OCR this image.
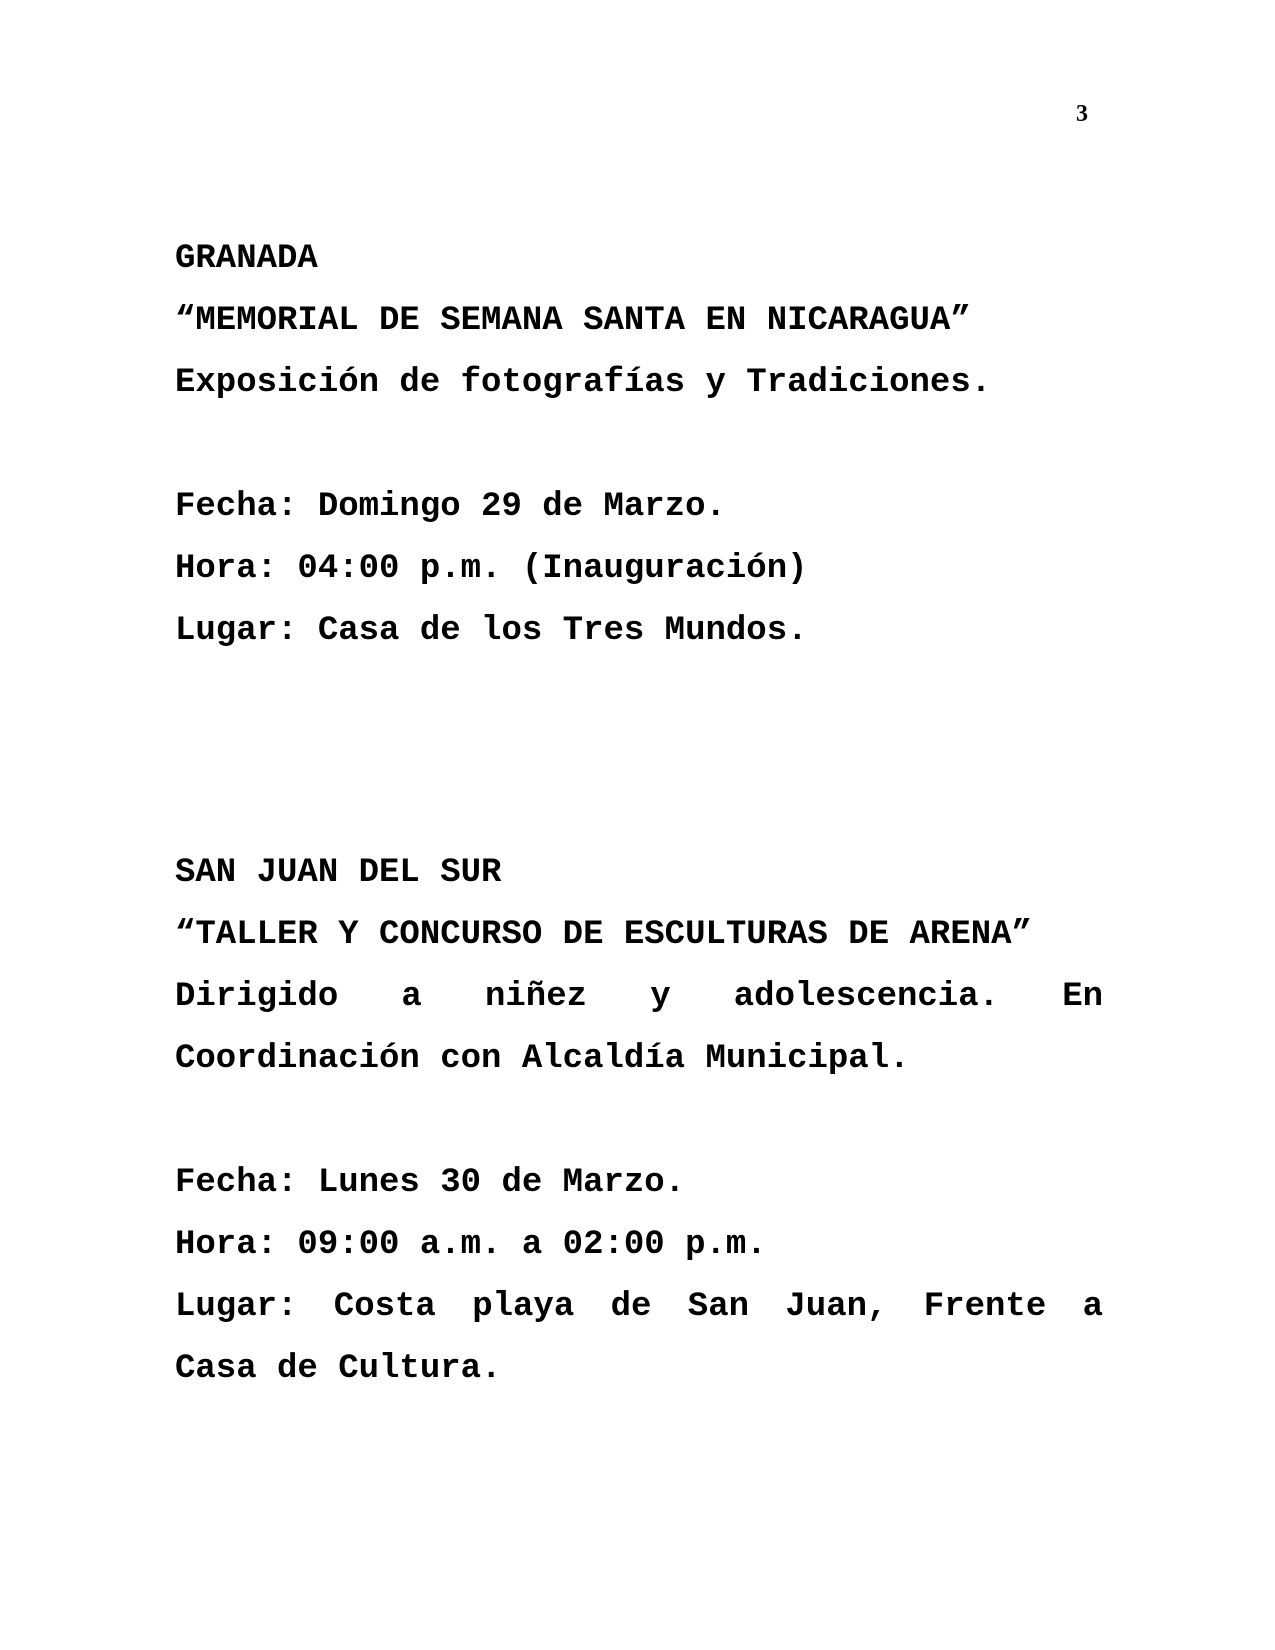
3
GRANADA
“MEMORIAL DE SEMANA SANTA EN NICARAGUA”
Exposición de fotografías y Tradiciones.
Fecha: Domingo 29 de Marzo.
Hora: 04:00 p.m. (Inauguración)
Lugar: Casa de los Tres Mundos.
SAN JUAN DEL SUR
“TALLER Y CONCURSO DE ESCULTURAS DE ARENA”
Dirigido a niñez y adolescencia. En
Coordinación con Alcaldía Municipal.
Fecha: Lunes 30 de Marzo.
Hora: 09:00 a.m. a 02:00 p.m.
Lugar: Costa playa de San Juan, Frente a
Casa de Cultura.
